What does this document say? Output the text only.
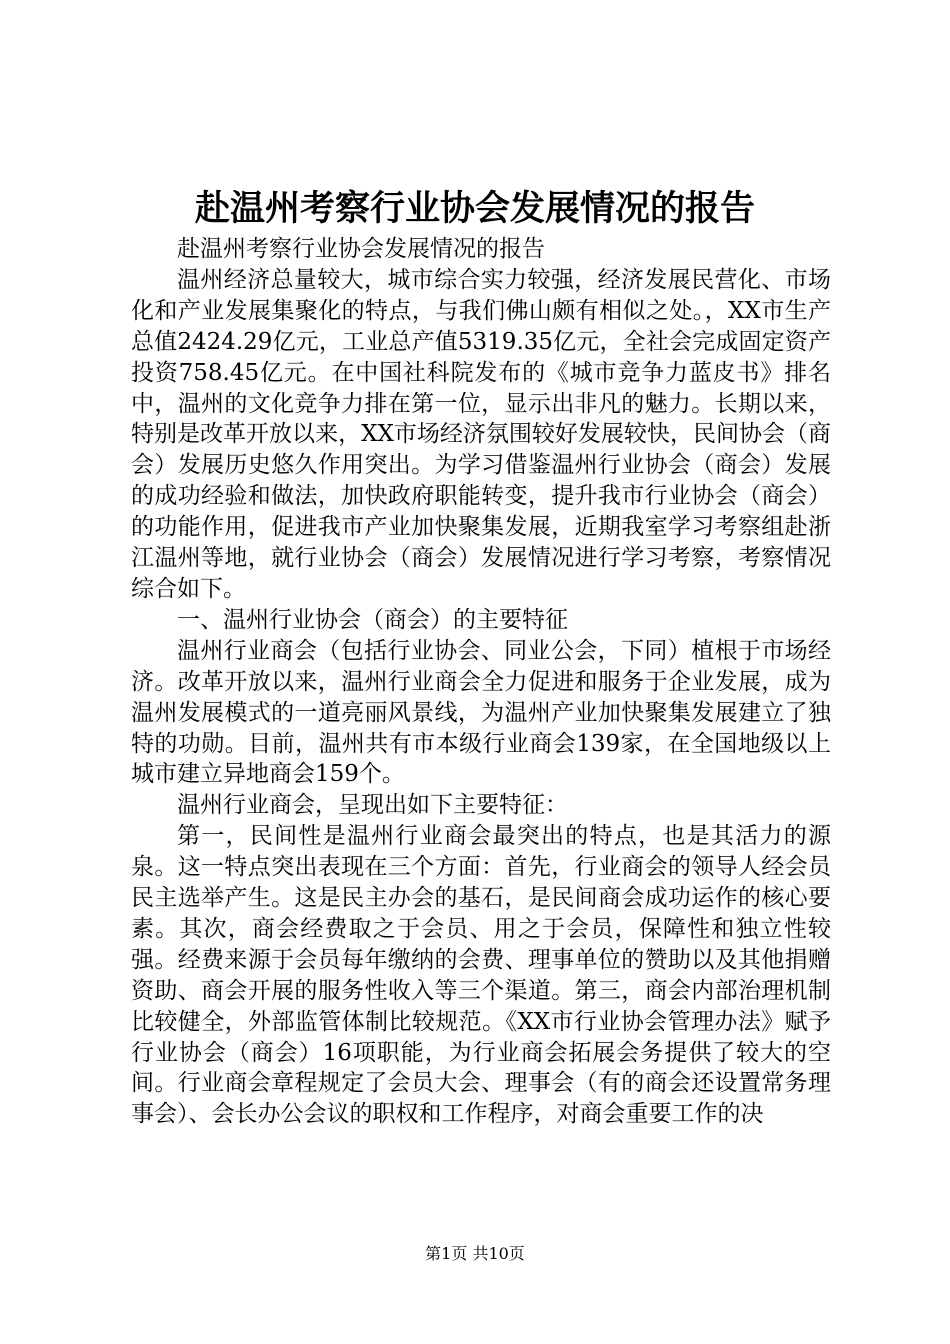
赴温州考察行业协会发展情况的报告

赴温州考察行业协会发展情况的报告

温州经济总量较大，城市综合实力较强，经济发展民营化、市场化和产业发展集聚化的特点，与我们佛山颇有相似之处。，XX市生产总值2424.29亿元，工业总产值5319.35亿元，全社会完成固定资产投资758.45亿元。在中国社科院发布的《城市竞争力蓝皮书》排名中，温州的文化竞争力排在第一位，显示出非凡的魅力。长期以来，特别是改革开放以来，XX市场经济氛围较好发展较快，民间协会（商会）发展历史悠久作用突出。为学习借鉴温州行业协会（商会）发展的成功经验和做法，加快政府职能转变，提升我市行业协会（商会）的功能作用，促进我市产业加快聚集发展，近期我室学习考察组赴浙江温州等地，就行业协会（商会）发展情况进行学习考察，考察情况综合如下。

一、温州行业协会（商会）的主要特征

温州行业商会（包括行业协会、同业公会，下同）植根于市场经济。改革开放以来，温州行业商会全力促进和服务于企业发展，成为温州发展模式的一道亮丽风景线，为温州产业加快聚集发展建立了独特的功勋。目前，温州共有市本级行业商会139家，在全国地级以上城市建立异地商会159个。

温州行业商会，呈现出如下主要特征：

第一，民间性是温州行业商会最突出的特点，也是其活力的源泉。这一特点突出表现在三个方面：首先，行业商会的领导人经会员民主选举产生。这是民主办会的基石，是民间商会成功运作的核心要素。其次，商会经费取之于会员、用之于会员，保障性和独立性较强。经费来源于会员每年缴纳的会费、理事单位的赞助以及其他捐赠资助、商会开展的服务性收入等三个渠道。第三，商会内部治理机制比较健全，外部监管体制比较规范。《XX市行业协会管理办法》赋予行业协会（商会）16项职能，为行业商会拓展会务提供了较大的空间。行业商会章程规定了会员大会、理事会（有的商会还设置常务理事会）、会长办公会议的职权和工作程序，对商会重要工作的决

第1页 共10页
